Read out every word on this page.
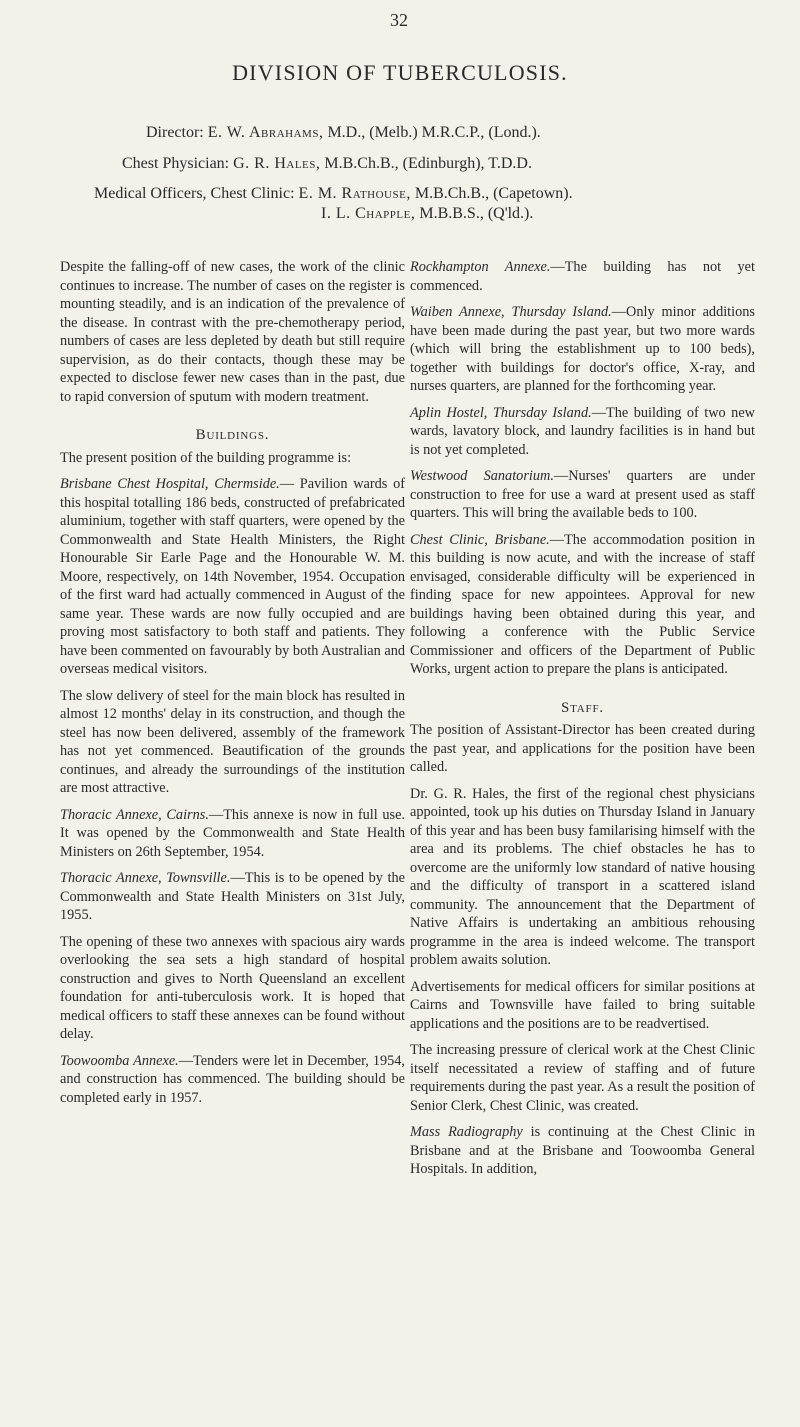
32
DIVISION OF TUBERCULOSIS.
Director: E. W. Abrahams, M.D., (Melb.) M.R.C.P., (Lond.).
Chest Physician: G. R. Hales, M.B.Ch.B., (Edinburgh), T.D.D.
Medical Officers, Chest Clinic: E. M. Rathouse, M.B.Ch.B., (Capetown).
I. L. Chapple, M.B.B.S., (Q'ld.).

Despite the falling-off of new cases, the work of the clinic continues to increase. The number of cases on the register is mounting steadily, and is an indication of the prevalence of the disease. In contrast with the pre-chemotherapy period, numbers of cases are less depleted by death but still require supervision, as do their contacts, though these may be expected to disclose fewer new cases than in the past, due to rapid conversion of sputum with modern treatment.

Buildings.

The present position of the building programme is:

Brisbane Chest Hospital, Chermside.— Pavilion wards of this hospital totalling 186 beds, constructed of prefabricated aluminium, together with staff quarters, were opened by the Commonwealth and State Health Ministers, the Right Honourable Sir Earle Page and the Honourable W. M. Moore, respectively, on 14th November, 1954. Occupation of the first ward had actually commenced in August of the same year. These wards are now fully occupied and are proving most satisfactory to both staff and patients. They have been commented on favourably by both Australian and overseas medical visitors.

The slow delivery of steel for the main block has resulted in almost 12 months' delay in its construction, and though the steel has now been delivered, assembly of the framework has not yet commenced. Beautification of the grounds continues, and already the surroundings of the institution are most attractive.

Thoracic Annexe, Cairns.—This annexe is now in full use. It was opened by the Commonwealth and State Health Ministers on 26th September, 1954.

Thoracic Annexe, Townsville.—This is to be opened by the Commonwealth and State Health Ministers on 31st July, 1955.

The opening of these two annexes with spacious airy wards overlooking the sea sets a high standard of hospital construction and gives to North Queensland an excellent foundation for anti-tuberculosis work. It is hoped that medical officers to staff these annexes can be found without delay.

Toowoomba Annexe.—Tenders were let in December, 1954, and construction has commenced. The building should be completed early in 1957.

Rockhampton Annexe.—The building has not yet commenced.

Waiben Annexe, Thursday Island.—Only minor additions have been made during the past year, but two more wards (which will bring the establishment up to 100 beds), together with buildings for doctor's office, X-ray, and nurses quarters, are planned for the forthcoming year.

Aplin Hostel, Thursday Island.—The building of two new wards, lavatory block, and laundry facilities is in hand but is not yet completed.

Westwood Sanatorium.—Nurses' quarters are under construction to free for use a ward at present used as staff quarters. This will bring the available beds to 100.

Chest Clinic, Brisbane.—The accommodation position in this building is now acute, and with the increase of staff envisaged, considerable difficulty will be experienced in finding space for new appointees. Approval for new buildings having been obtained during this year, and following a conference with the Public Service Commissioner and officers of the Department of Public Works, urgent action to prepare the plans is anticipated.

Staff.

The position of Assistant-Director has been created during the past year, and applications for the position have been called.

Dr. G. R. Hales, the first of the regional chest physicians appointed, took up his duties on Thursday Island in January of this year and has been busy familarising himself with the area and its problems. The chief obstacles he has to overcome are the uniformly low standard of native housing and the difficulty of transport in a scattered island community. The announcement that the Department of Native Affairs is undertaking an ambitious rehousing programme in the area is indeed welcome. The transport problem awaits solution.

Advertisements for medical officers for similar positions at Cairns and Townsville have failed to bring suitable applications and the positions are to be readvertised.

The increasing pressure of clerical work at the Chest Clinic itself necessitated a review of staffing and of future requirements during the past year. As a result the position of Senior Clerk, Chest Clinic, was created.

Mass Radiography is continuing at the Chest Clinic in Brisbane and at the Brisbane and Toowoomba General Hospitals. In addition,
